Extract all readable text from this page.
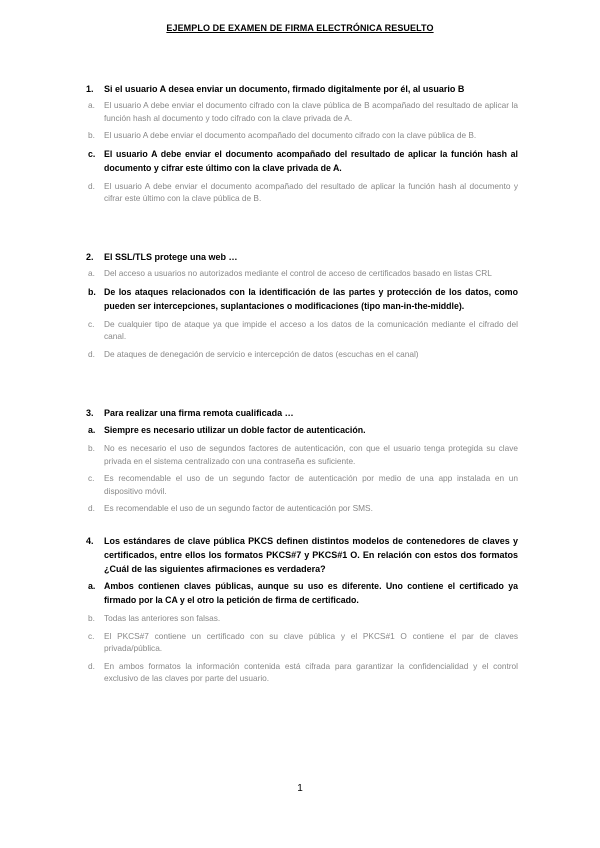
EJEMPLO DE EXAMEN DE FIRMA ELECTRÓNICA RESUELTO
1.	Si el usuario A desea enviar un documento, firmado digitalmente por él, al usuario B
a.	El usuario A debe enviar el documento cifrado con la clave pública de B acompañado del resultado de aplicar la función hash al documento y todo cifrado con la clave privada de A.
b.	El usuario A debe enviar el documento acompañado del documento cifrado con la clave pública de B.
c. El usuario A debe enviar el documento acompañado del resultado de aplicar la función hash al documento y cifrar este último con la clave privada de A.
d.	El usuario A debe enviar el documento acompañado del resultado de aplicar la función hash al documento y cifrar este último con la clave pública de B.
2.	El SSL/TLS protege una web …
a.	Del acceso a usuarios no autorizados mediante el control de acceso de certificados basado en listas CRL
b. De los ataques relacionados con la identificación de las partes y protección de los datos, como pueden ser intercepciones, suplantaciones o modificaciones (tipo man-in-the-middle).
c.	De cualquier tipo de ataque ya que impide el acceso a los datos de la comunicación mediante el cifrado del canal.
d.	De ataques de denegación de servicio e intercepción de datos (escuchas en el canal)
3.	Para realizar una firma remota cualificada …
a. Siempre es necesario utilizar un doble factor de autenticación.
b.	No es necesario el uso de segundos factores de autenticación, con que el usuario tenga protegida su clave privada en el sistema centralizado con una contraseña es suficiente.
c.	Es recomendable el uso de un segundo factor de autenticación por medio de una app instalada en un dispositivo móvil.
d.	Es recomendable el uso de un segundo factor de autenticación por SMS.
4.	Los estándares de clave pública PKCS definen distintos modelos de contenedores de claves y certificados, entre ellos los formatos PKCS#7 y PKCS#1 O. En relación con estos dos formatos ¿Cuál de las siguientes afirmaciones es verdadera?
a. Ambos contienen claves públicas, aunque su uso es diferente. Uno contiene el certificado ya firmado por la CA y el otro la petición de firma de certificado.
b.	Todas las anteriores son falsas.
c.	El PKCS#7 contiene un certificado con su clave pública y el PKCS#1 O contiene el par de claves privada/pública.
d.	En ambos formatos la información contenida está cifrada para garantizar la confidencialidad y el control exclusivo de las claves por parte del usuario.
1
